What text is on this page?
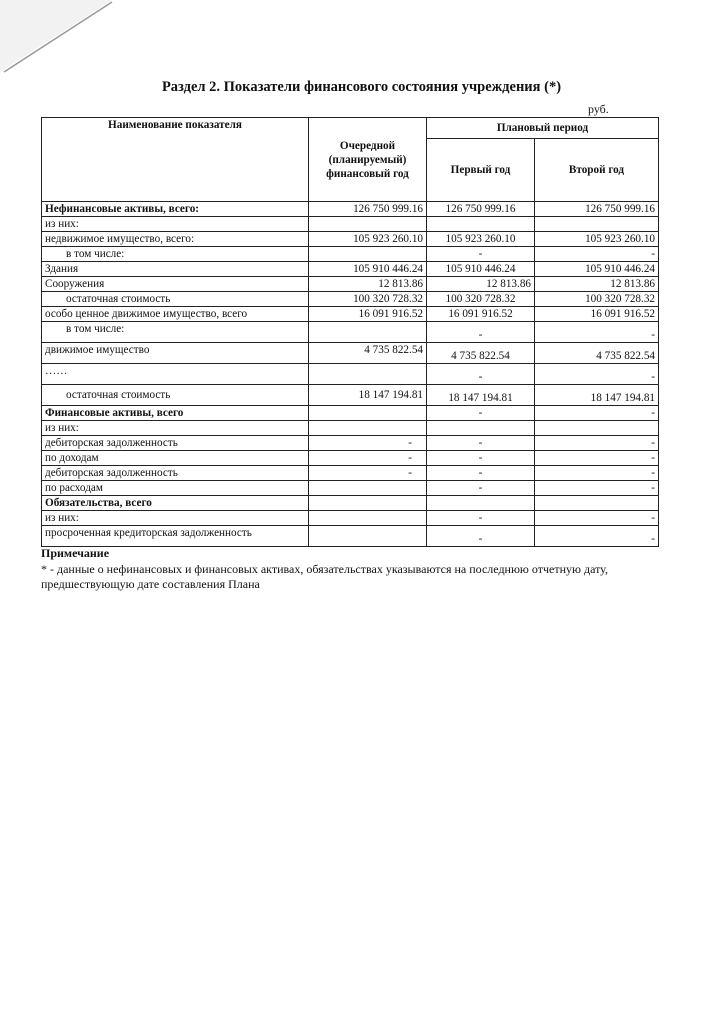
Раздел 2. Показатели финансового состояния учреждения (*)
руб.
Наименование показателя	Очередной (планируемый) финансовый год	Плановый период	
		Первый год	Второй год
Нефинансовые активы, всего:	126 750 999.16	126 750 999.16	126 750 999.16
из них:			
недвижимое имущество, всего:	105 923 260.10	105 923 260.10	105 923 260.10
в том числе:		-	-
Здания	105 910 446.24	105 910 446.24	105 910 446.24
Сооружения	12 813.86	12 813.86	12 813.86
остаточная стоимость	100 320 728.32	100 320 728.32	100 320 728.32
особо ценное движимое имущество, всего	16 091 916.52	16 091 916.52	16 091 916.52
в том числе:		-	-
движимое имущество	4 735 822.54	4 735 822.54	4 735 822.54
……		-	-
остаточная стоимость	18 147 194.81	18 147 194.81	18 147 194.81
Финансовые активы, всего		-	-
из них:			
дебиторская задолженность	-	-	-
по доходам	-	-	-
дебиторская задолженность	-	-	-
по расходам		-	-
Обязательства, всего			
из них:		-	-
просроченная кредиторская задолженность		-	-
Примечание
* - данные о нефинансовых и финансовых активах, обязательствах указываются на последнюю отчетную дату, предшествующую дате составления Плана
